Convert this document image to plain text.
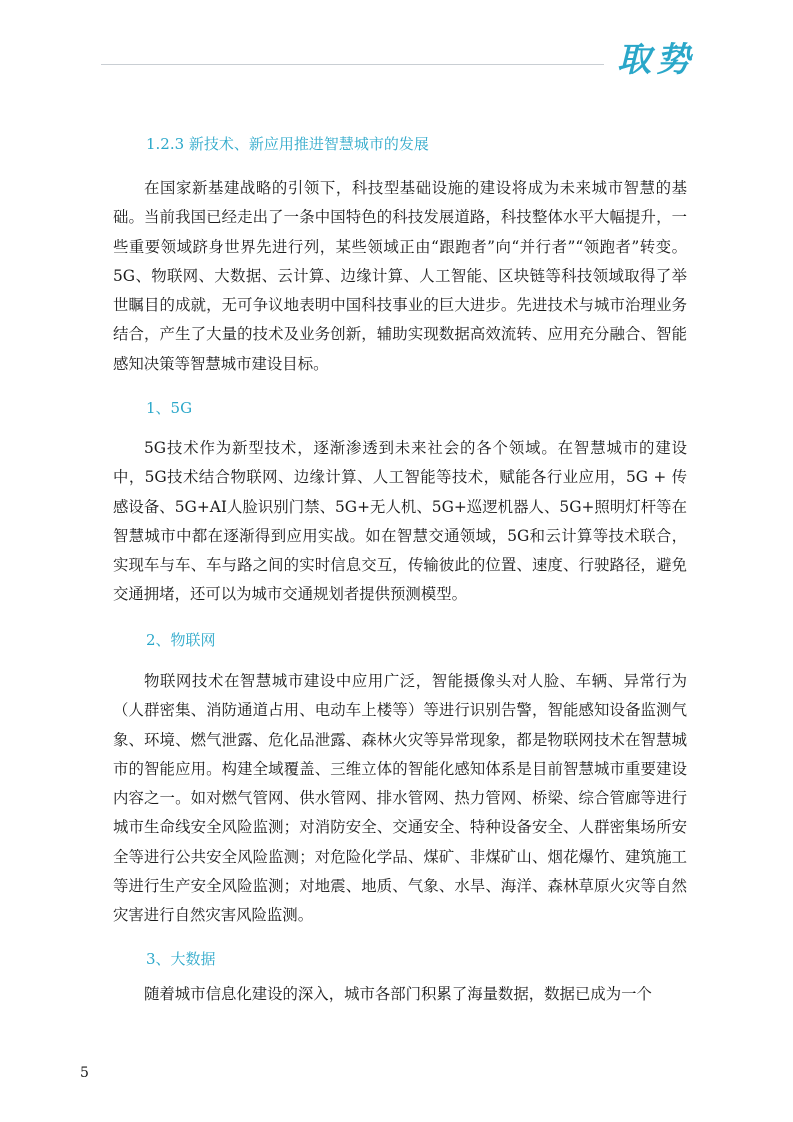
取势
1.2.3 新技术、新应用推进智慧城市的发展

在国家新基建战略的引领下，科技型基础设施的建设将成为未来城市智慧的基础。当前我国已经走出了一条中国特色的科技发展道路，科技整体水平大幅提升，一些重要领域跻身世界先进行列，某些领域正由“跟跑者”向“并行者”“领跑者”转变。5G、物联网、大数据、云计算、边缘计算、人工智能、区块链等科技领域取得了举世瞩目的成就，无可争议地表明中国科技事业的巨大进步。先进技术与城市治理业务结合，产生了大量的技术及业务创新，辅助实现数据高效流转、应用充分融合、智能感知决策等智慧城市建设目标。

1、5G

5G技术作为新型技术，逐渐渗透到未来社会的各个领域。在智慧城市的建设中，5G技术结合物联网、边缘计算、人工智能等技术，赋能各行业应用，5G + 传感设备、5G+AI人脸识别门禁、5G+无人机、5G+巡逻机器人、5G+照明灯杆等在智慧城市中都在逐渐得到应用实战。如在智慧交通领域，5G和云计算等技术联合，实现车与车、车与路之间的实时信息交互，传输彼此的位置、速度、行驶路径，避免交通拥堵，还可以为城市交通规划者提供预测模型。

2、物联网

物联网技术在智慧城市建设中应用广泛，智能摄像头对人脸、车辆、异常行为（人群密集、消防通道占用、电动车上楼等）等进行识别告警，智能感知设备监测气象、环境、燃气泄露、危化品泄露、森林火灾等异常现象，都是物联网技术在智慧城市的智能应用。构建全域覆盖、三维立体的智能化感知体系是目前智慧城市重要建设内容之一。如对燃气管网、供水管网、排水管网、热力管网、桥梁、综合管廊等进行城市生命线安全风险监测；对消防安全、交通安全、特种设备安全、人群密集场所安全等进行公共安全风险监测；对危险化学品、煤矿、非煤矿山、烟花爆竹、建筑施工等进行生产安全风险监测；对地震、地质、气象、水旱、海洋、森林草原火灾等自然灾害进行自然灾害风险监测。

3、大数据

随着城市信息化建设的深入，城市各部门积累了海量数据，数据已成为一个

5
